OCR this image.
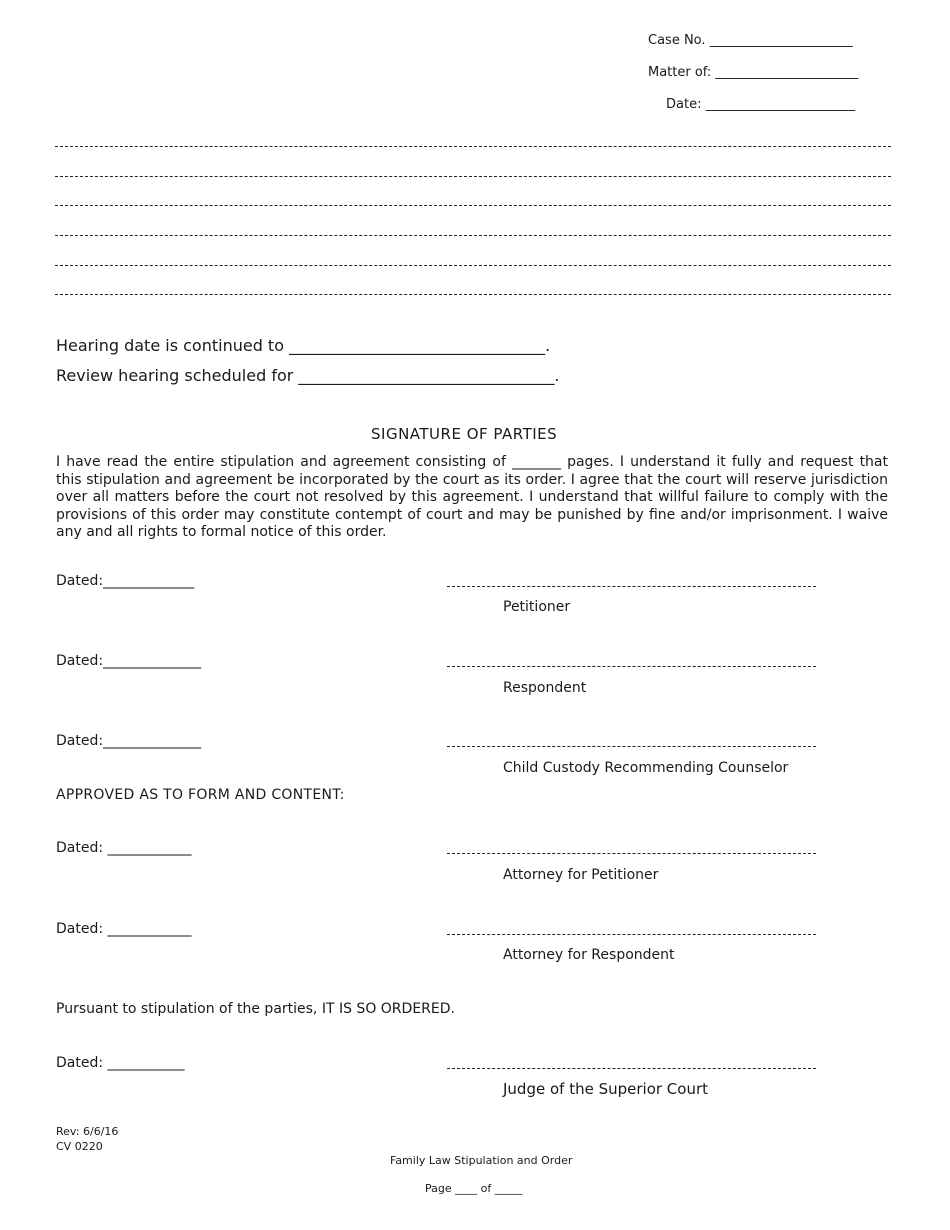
Case No. ______________________
Matter of: ______________________
Date: _______________________
Hearing date is continued to ________________________________.
Review hearing scheduled for ________________________________.
SIGNATURE OF PARTIES
I have read the entire stipulation and agreement consisting of _______ pages. I understand it fully and request that this stipulation and agreement be incorporated by the court as its order. I agree that the court will reserve jurisdiction over all matters before the court not resolved by this agreement. I understand that willful failure to comply with the provisions of this order may constitute contempt of court and may be punished by fine and/or imprisonment. I waive any and all rights to formal notice of this order.
Dated:_____________
Petitioner
Dated:______________
Respondent
Dated:______________
Child Custody Recommending Counselor
APPROVED AS TO FORM AND CONTENT:
Dated: ____________
Attorney for Petitioner
Dated: ____________
Attorney for Respondent
Pursuant to stipulation of the parties, IT IS SO ORDERED.
Dated: ___________
Judge of the Superior Court
Rev: 6/6/16
CV 0220
Family Law Stipulation and Order
Page ____ of _____
